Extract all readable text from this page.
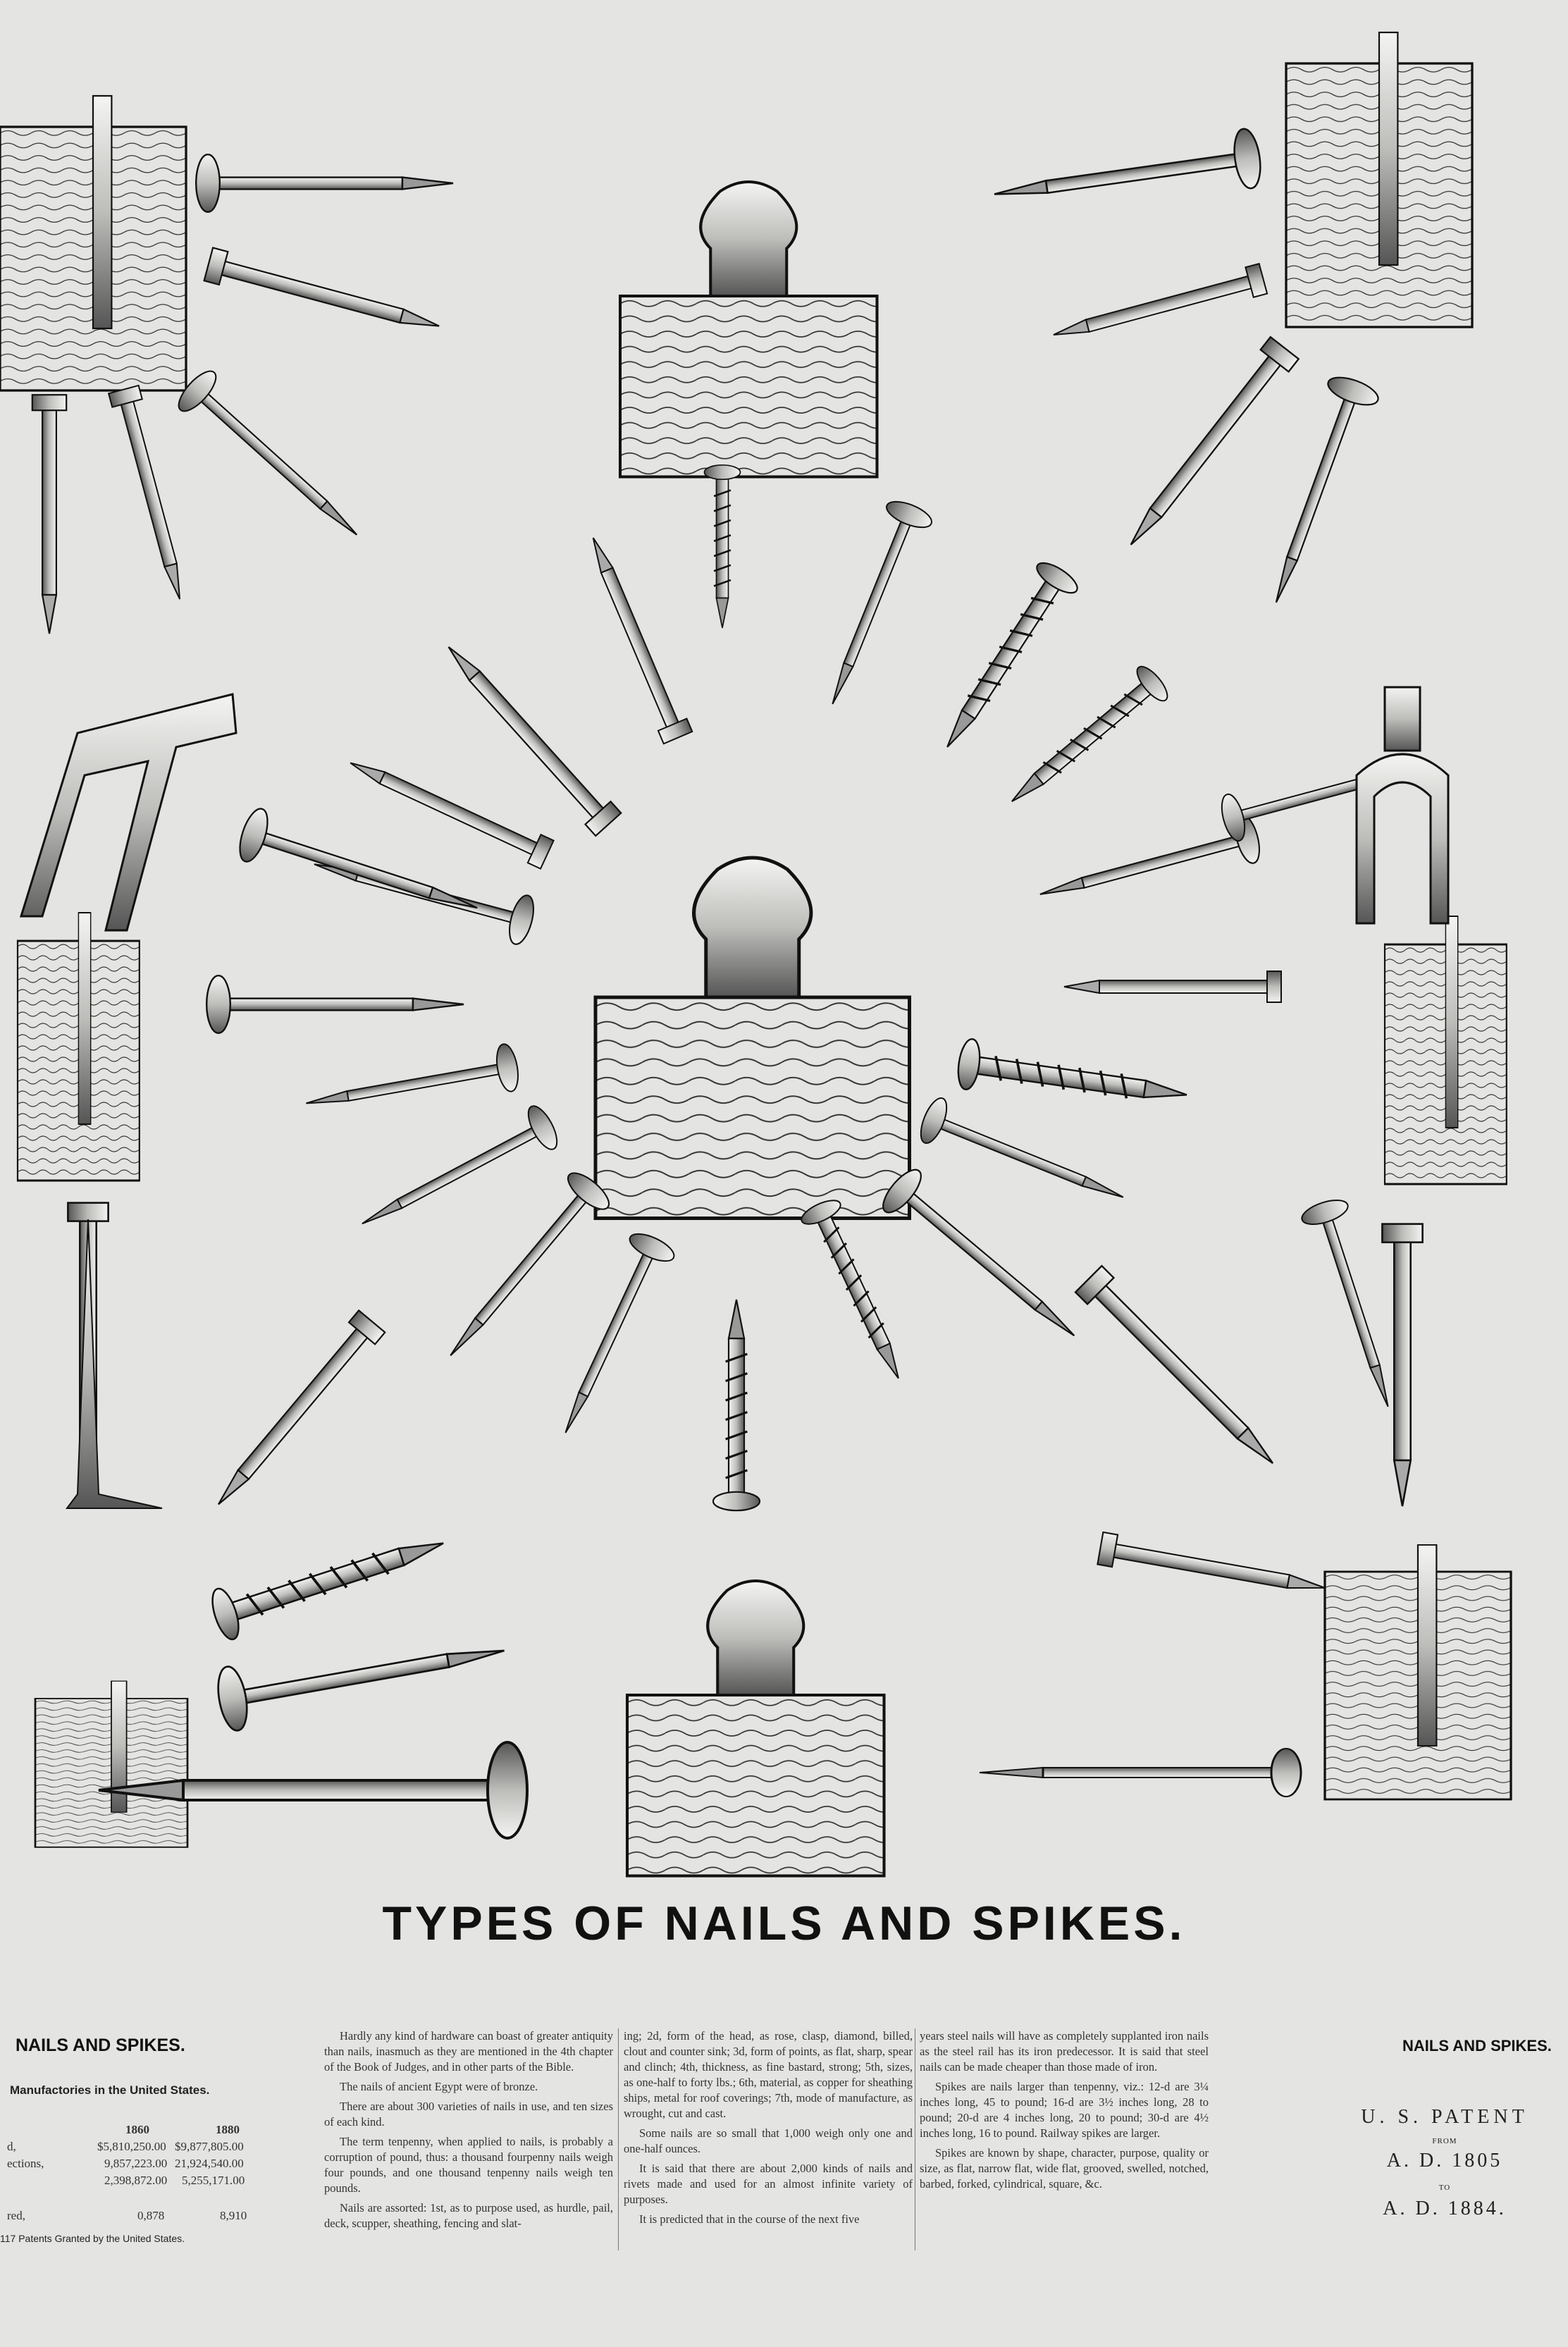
TYPES OF NAILS AND SPIKES.
NAILS AND SPIKES.
Manufactories in the United States.
1860	1880
d,	$5,810,250.00 $9,877,805.00
ections,	9,857,223.00 21,924,540.00
2,398,872.00 5,255,171.00
red,	0,878	8,910
117 Patents Granted by the United States.

Hardly any kind of hardware can boast of greater antiquity than nails, inasmuch as they are mentioned in the 4th chapter of the Book of Judges, and in other parts of the Bible.

The nails of ancient Egypt were of bronze.

There are about 300 varieties of nails in use, and ten sizes of each kind.

The term tenpenny, when applied to nails, is probably a corruption of pound, thus: a thousand fourpenny nails weigh four pounds, and one thousand tenpenny nails weigh ten pounds.

Nails are assorted: 1st, as to purpose used, as hurdle, pail, deck, scupper, sheathing, fencing and slat-

ing; 2d, form of the head, as rose, clasp, diamond, billed, clout and counter sink; 3d, form of points, as flat, sharp, spear and clinch; 4th, thickness, as fine bastard, strong; 5th, sizes, as one-half to forty lbs.; 6th, material, as copper for sheathing ships, metal for roof coverings; 7th, mode of manufacture, as wrought, cut and cast.

Some nails are so small that 1,000 weigh only one and one-half ounces.

It is said that there are about 2,000 kinds of nails and rivets made and used for an almost infinite variety of purposes.

It is predicted that in the course of the next five

years steel nails will have as completely supplanted iron nails as the steel rail has its iron predecessor. It is said that steel nails can be made cheaper than those made of iron.

Spikes are nails larger than tenpenny, viz.: 12-d are 3¼ inches long, 45 to pound; 16-d are 3½ inches long, 28 to pound; 20-d are 4 inches long, 20 to pound; 30-d are 4½ inches long, 16 to pound. Railway spikes are larger.

Spikes are known by shape, character, purpose, quality or size, as flat, narrow flat, wide flat, grooved, swelled, notched, barbed, forked, cylindrical, square, &c.

NAILS AND SPIKES.
U. S. PATENT
FROM
A. D. 1805
TO
A. D. 1884.
